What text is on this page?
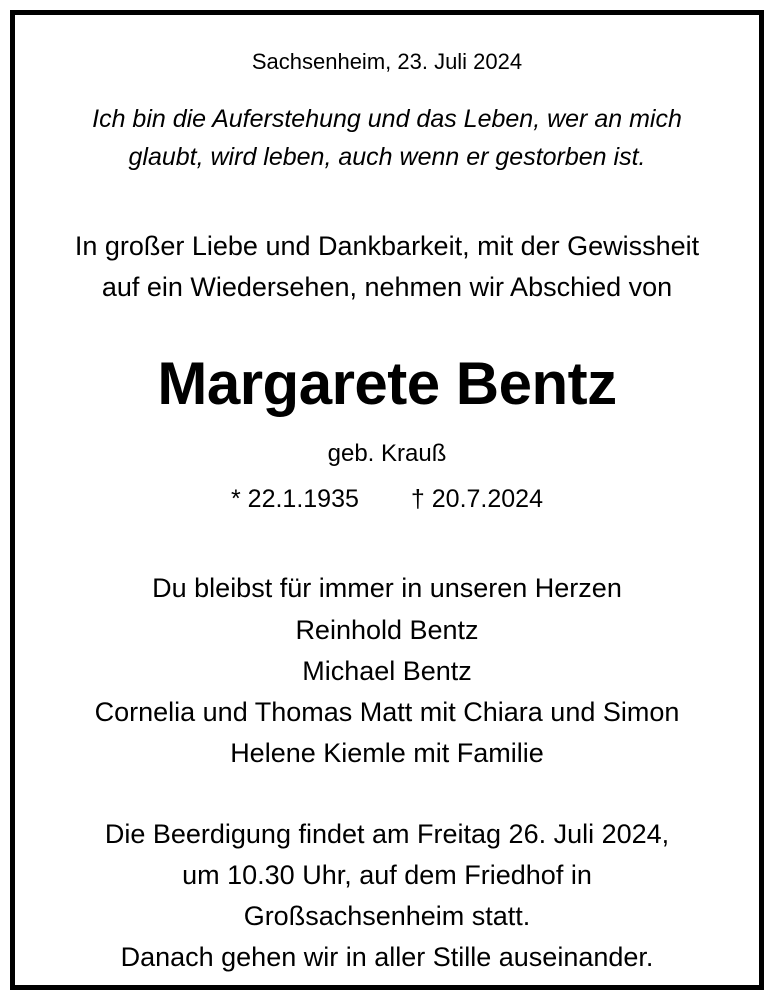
Sachsenheim, 23. Juli 2024
Ich bin die Auferstehung und das Leben, wer an mich
glaubt, wird leben, auch wenn er gestorben ist.
In großer Liebe und Dankbarkeit, mit der Gewissheit
auf ein Wiedersehen, nehmen wir Abschied von
Margarete Bentz
geb. Krauß
* 22.1.1935 † 20.7.2024
Du bleibst für immer in unseren Herzen
Reinhold Bentz
Michael Bentz
Cornelia und Thomas Matt mit Chiara und Simon
Helene Kiemle mit Familie
Die Beerdigung findet am Freitag 26. Juli 2024,
um 10.30 Uhr, auf dem Friedhof in
Großsachsenheim statt.
Danach gehen wir in aller Stille auseinander.
